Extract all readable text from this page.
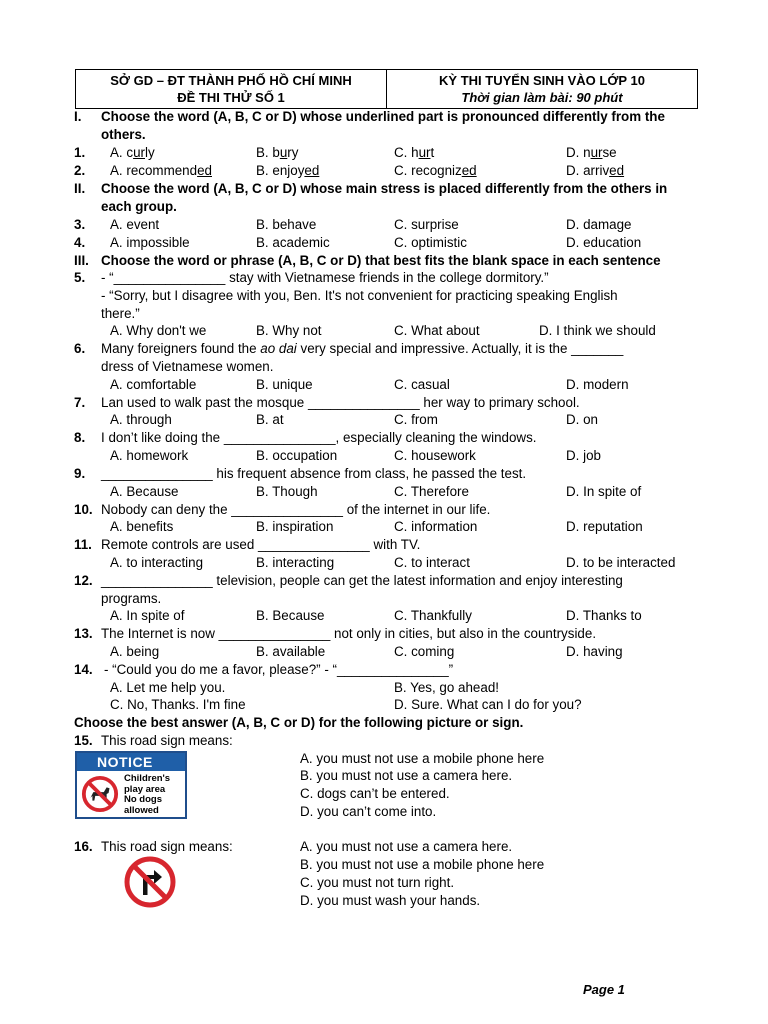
SỞ GD – ĐT THÀNH PHỐ HỒ CHÍ MINH
ĐỀ THI THỬ SỐ 1
KỲ THI TUYỂN SINH VÀO LỚP 10
Thời gian làm bài: 90 phút
I. Choose the word (A, B, C or D) whose underlined part is pronounced differently from the
others.
1. A. curly	B. bury	C. hurt	D. nurse
2. A. recommended	B. enjoyed	C. recognized	D. arrived
II. Choose the word (A, B, C or D) whose main stress is placed differently from the others in
each group.
3. A. event	B. behave	C. surprise	D. damage
4. A. impossible	B. academic	C. optimistic	D. education
III. Choose the word or phrase (A, B, C or D) that best fits the blank space in each sentence
5. - “_______________ stay with Vietnamese friends in the college dormitory.”
- “Sorry, but I disagree with you, Ben. It's not convenient for practicing speaking English
there.”
A. Why don't we	B. Why not	C. What about	D. I think we should
6. Many foreigners found the ao dai very special and impressive. Actually, it is the _______
dress of Vietnamese women.
A. comfortable	B. unique	C. casual	D. modern
7. Lan used to walk past the mosque _______________ her way to primary school.
A. through	B. at	C. from	D. on
8. I don’t like doing the _______________, especially cleaning the windows.
A. homework	B. occupation	C. housework	D. job
9. _______________ his frequent absence from class, he passed the test.
A. Because	B. Though	C. Therefore	D. In spite of
10. Nobody can deny the _______________ of the internet in our life.
A. benefits	B. inspiration	C. information	D. reputation
11. Remote controls are used _______________ with TV.
A. to interacting	B. interacting	C. to interact	D. to be interacted
12. _______________ television, people can get the latest information and enjoy interesting
programs.
A. In spite of	B. Because	C. Thankfully	D. Thanks to
13. The Internet is now _______________ not only in cities, but also in the countryside.
A. being	B. available	C. coming	D. having
14. - “Could you do me a favor, please?” - “_______________”
A. Let me help you.	B. Yes, go ahead!
C. No, Thanks. I'm fine	D. Sure. What can I do for you?
Choose the best answer (A, B, C or D) for the following picture or sign.
15. This road sign means:
NOTICE
Children's
play area
No dogs
allowed
A. you must not use a mobile phone here
B. you must not use a camera here.
C. dogs can’t be entered.
D. you can’t come into.
16. This road sign means:	A. you must not use a camera here.
B. you must not use a mobile phone here
C. you must not turn right.
D. you must wash your hands.
Page 1
